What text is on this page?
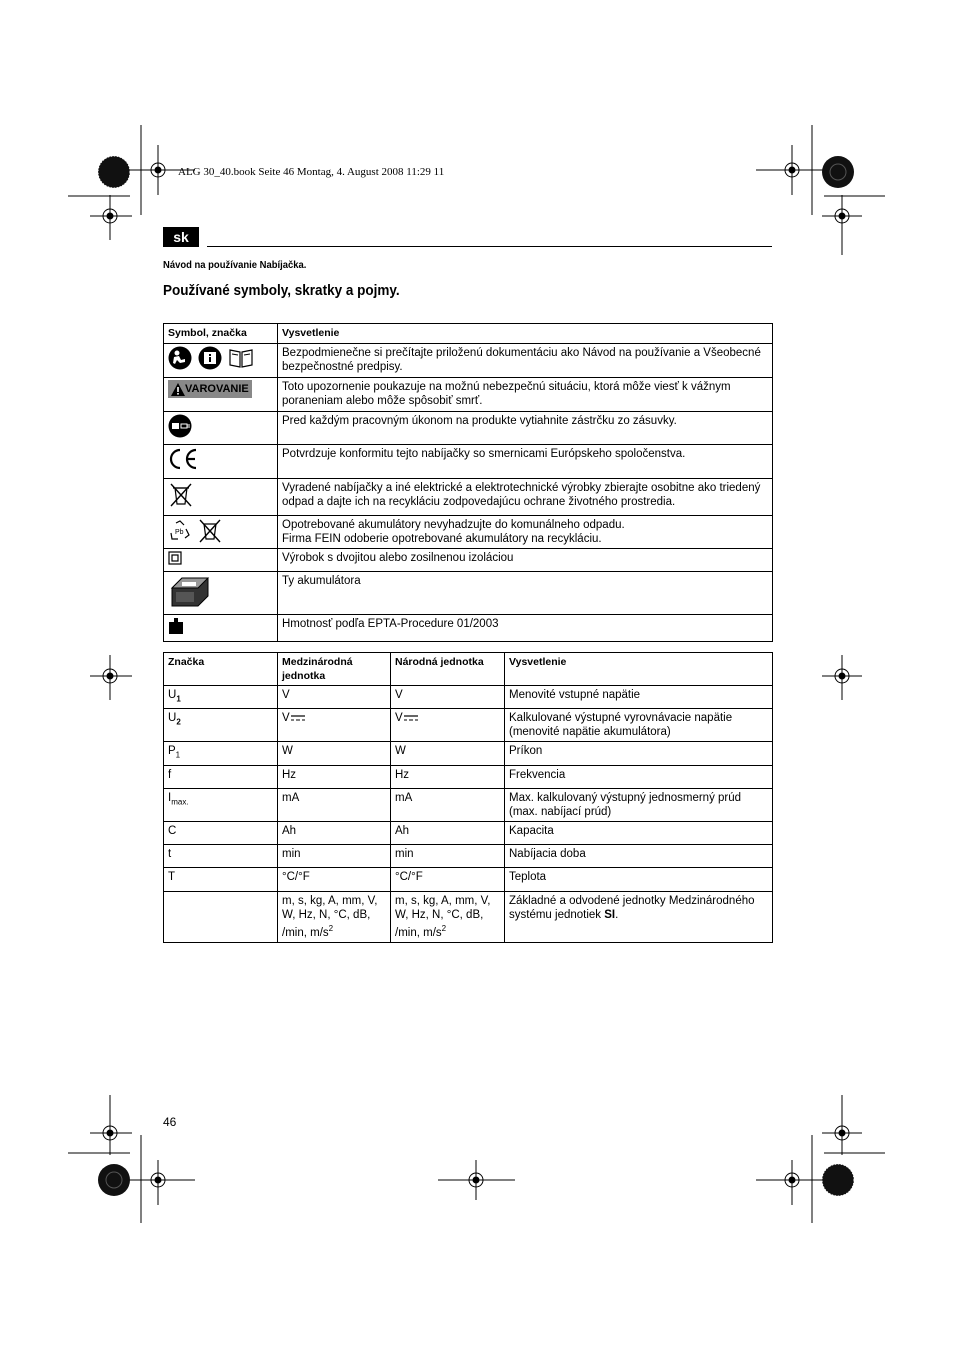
ALG 30_40.book Seite 46 Montag, 4. August 2008 11:29 11
sk
Návod na používanie Nabíjačka.
Používané symboly, skratky a pojmy.
Symbol, značka	Vysvetlenie

	Bezpodmienečne si prečítajte priloženú dokumentáciu ako Návod na používanie a Všeobecné bezpečnostné predpisy.

VAROVANIE	Toto upozornenie poukazuje na možnú nebezpečnú situáciu, ktorá môže viesť k vážnym poraneniam alebo môže spôsobiť smrť.
	Pred každým pracovným úkonom na produkte vytiahnite zástrčku zo zásuvky.
	Potvrdzuje konformitu tejto nabíjačky so smernicami Európskeho spoločenstva.
	Vyradené nabíjačky a iné elektrické a elektrotechnické výrobky zbierajte osobitne ako triedený odpad a dajte ich na recykláciu zodpovedajúcu ochrane životného prostredia.

Pb	Opotrebované akumulátory nevyhadzujte do komunálneho odpadu.
Firma FEIN odoberie opotrebované akumulátory na recykláciu.
	Výrobok s dvojitou alebo zosilnenou izoláciou
	Ty akumulátora
	Hmotnosť podľa EPTA-Procedure 01/2003
Značka	Medzinárodná jednotka	Národná jednotka	Vysvetlenie
$U_1$	V	V	Menovité vstupné napätie
$U_2$	V	V	Kalkulované výstupné vyrovnávacie napätie (menovité napätie akumulátora)
$P_1$	W	W	Príkon
f	Hz	Hz	Frekvencia
$I_{max.}$	mA	mA	Max. kalkulovaný výstupný jednosmerný prúd (max. nabíjací prúd)
C	Ah	Ah	Kapacita
t	min	min	Nabíjacia doba
T	°C/°F	°C/°F	Teplota
	m, s, kg, A, mm, V, W, Hz, N, °C, dB, /min, $m/s^2$	m, s, kg, A, mm, V, W, Hz, N, °C, dB, /min, $m/s^2$	Základné a odvodené jednotky Medzinárodného systému jednotiek SI.
46
